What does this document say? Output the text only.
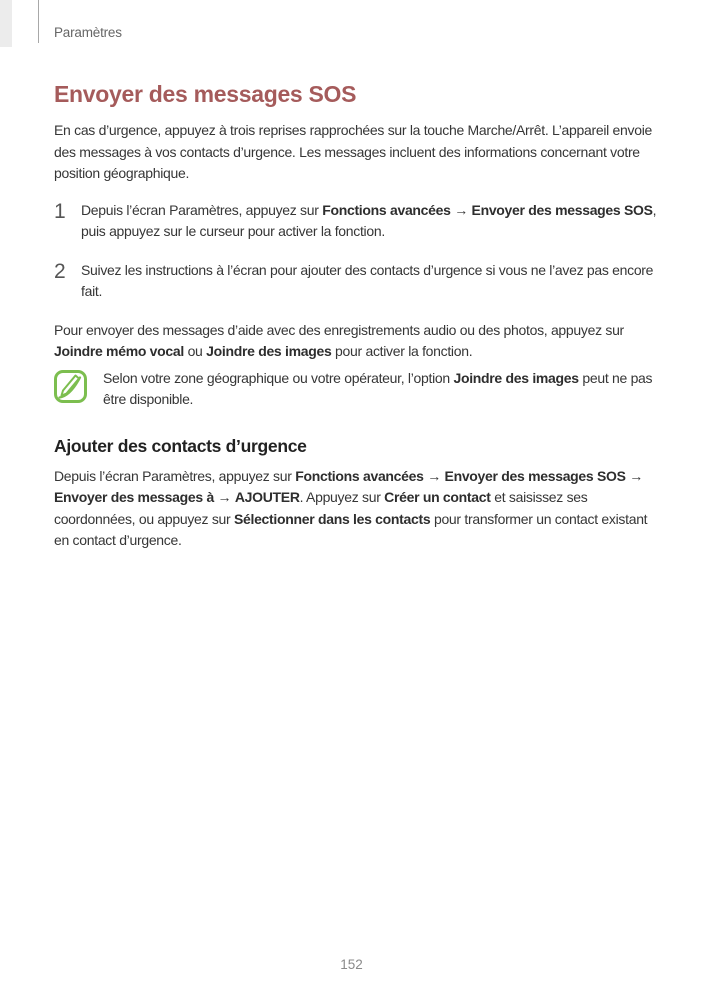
Paramètres
Envoyer des messages SOS

En cas d’urgence, appuyez à trois reprises rapprochées sur la touche Marche/Arrêt. L’appareil envoie des messages à vos contacts d’urgence. Les messages incluent des informations concernant votre position géographique.

1	Depuis l’écran Paramètres, appuyez sur Fonctions avancées → Envoyer des messages SOS, puis appuyez sur le curseur pour activer la fonction.

2	Suivez les instructions à l’écran pour ajouter des contacts d’urgence si vous ne l’avez pas encore fait.

Pour envoyer des messages d’aide avec des enregistrements audio ou des photos, appuyez sur Joindre mémo vocal ou Joindre des images pour activer la fonction.

Selon votre zone géographique ou votre opérateur, l’option Joindre des images peut ne pas être disponible.

Ajouter des contacts d’urgence

Depuis l’écran Paramètres, appuyez sur Fonctions avancées → Envoyer des messages SOS → Envoyer des messages à → AJOUTER. Appuyez sur Créer un contact et saisissez ses coordonnées, ou appuyez sur Sélectionner dans les contacts pour transformer un contact existant en contact d’urgence.

152
